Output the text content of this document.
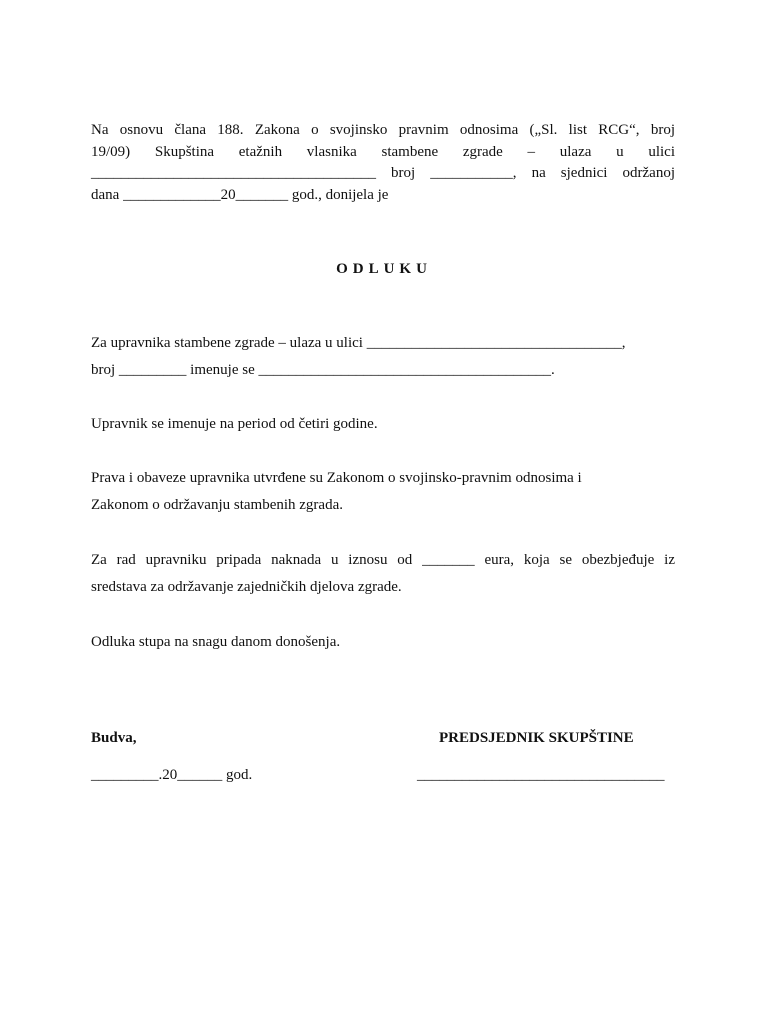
Na osnovu člana 188. Zakona o svojinsko pravnim odnosima („Sl. list RCG“, broj
19/09) Skupština etažnih vlasnika stambene zgrade – ulaza u ulici
______________________________________ broj ___________, na sjednici održanoj
dana _____________20_______ god., donijela je
ODLUKU
Za upravnika stambene zgrade – ulaza u ulici __________________________________,
broj _________ imenuje se _______________________________________.
Upravnik se imenuje na period od četiri godine.
Prava i obaveze upravnika utvrđene su Zakonom o svojinsko-pravnim odnosima i
Zakonom o održavanju stambenih zgrada.
Za rad upravniku pripada naknada u iznosu od _______ eura, koja se obezbjeđuje iz
sredstava za održavanje zajedničkih djelova zgrade.
Odluka stupa na snagu danom donošenja.
Budva,	PREDSJEDNIK SKUPŠTINE
_________.20______ god.	_________________________________
